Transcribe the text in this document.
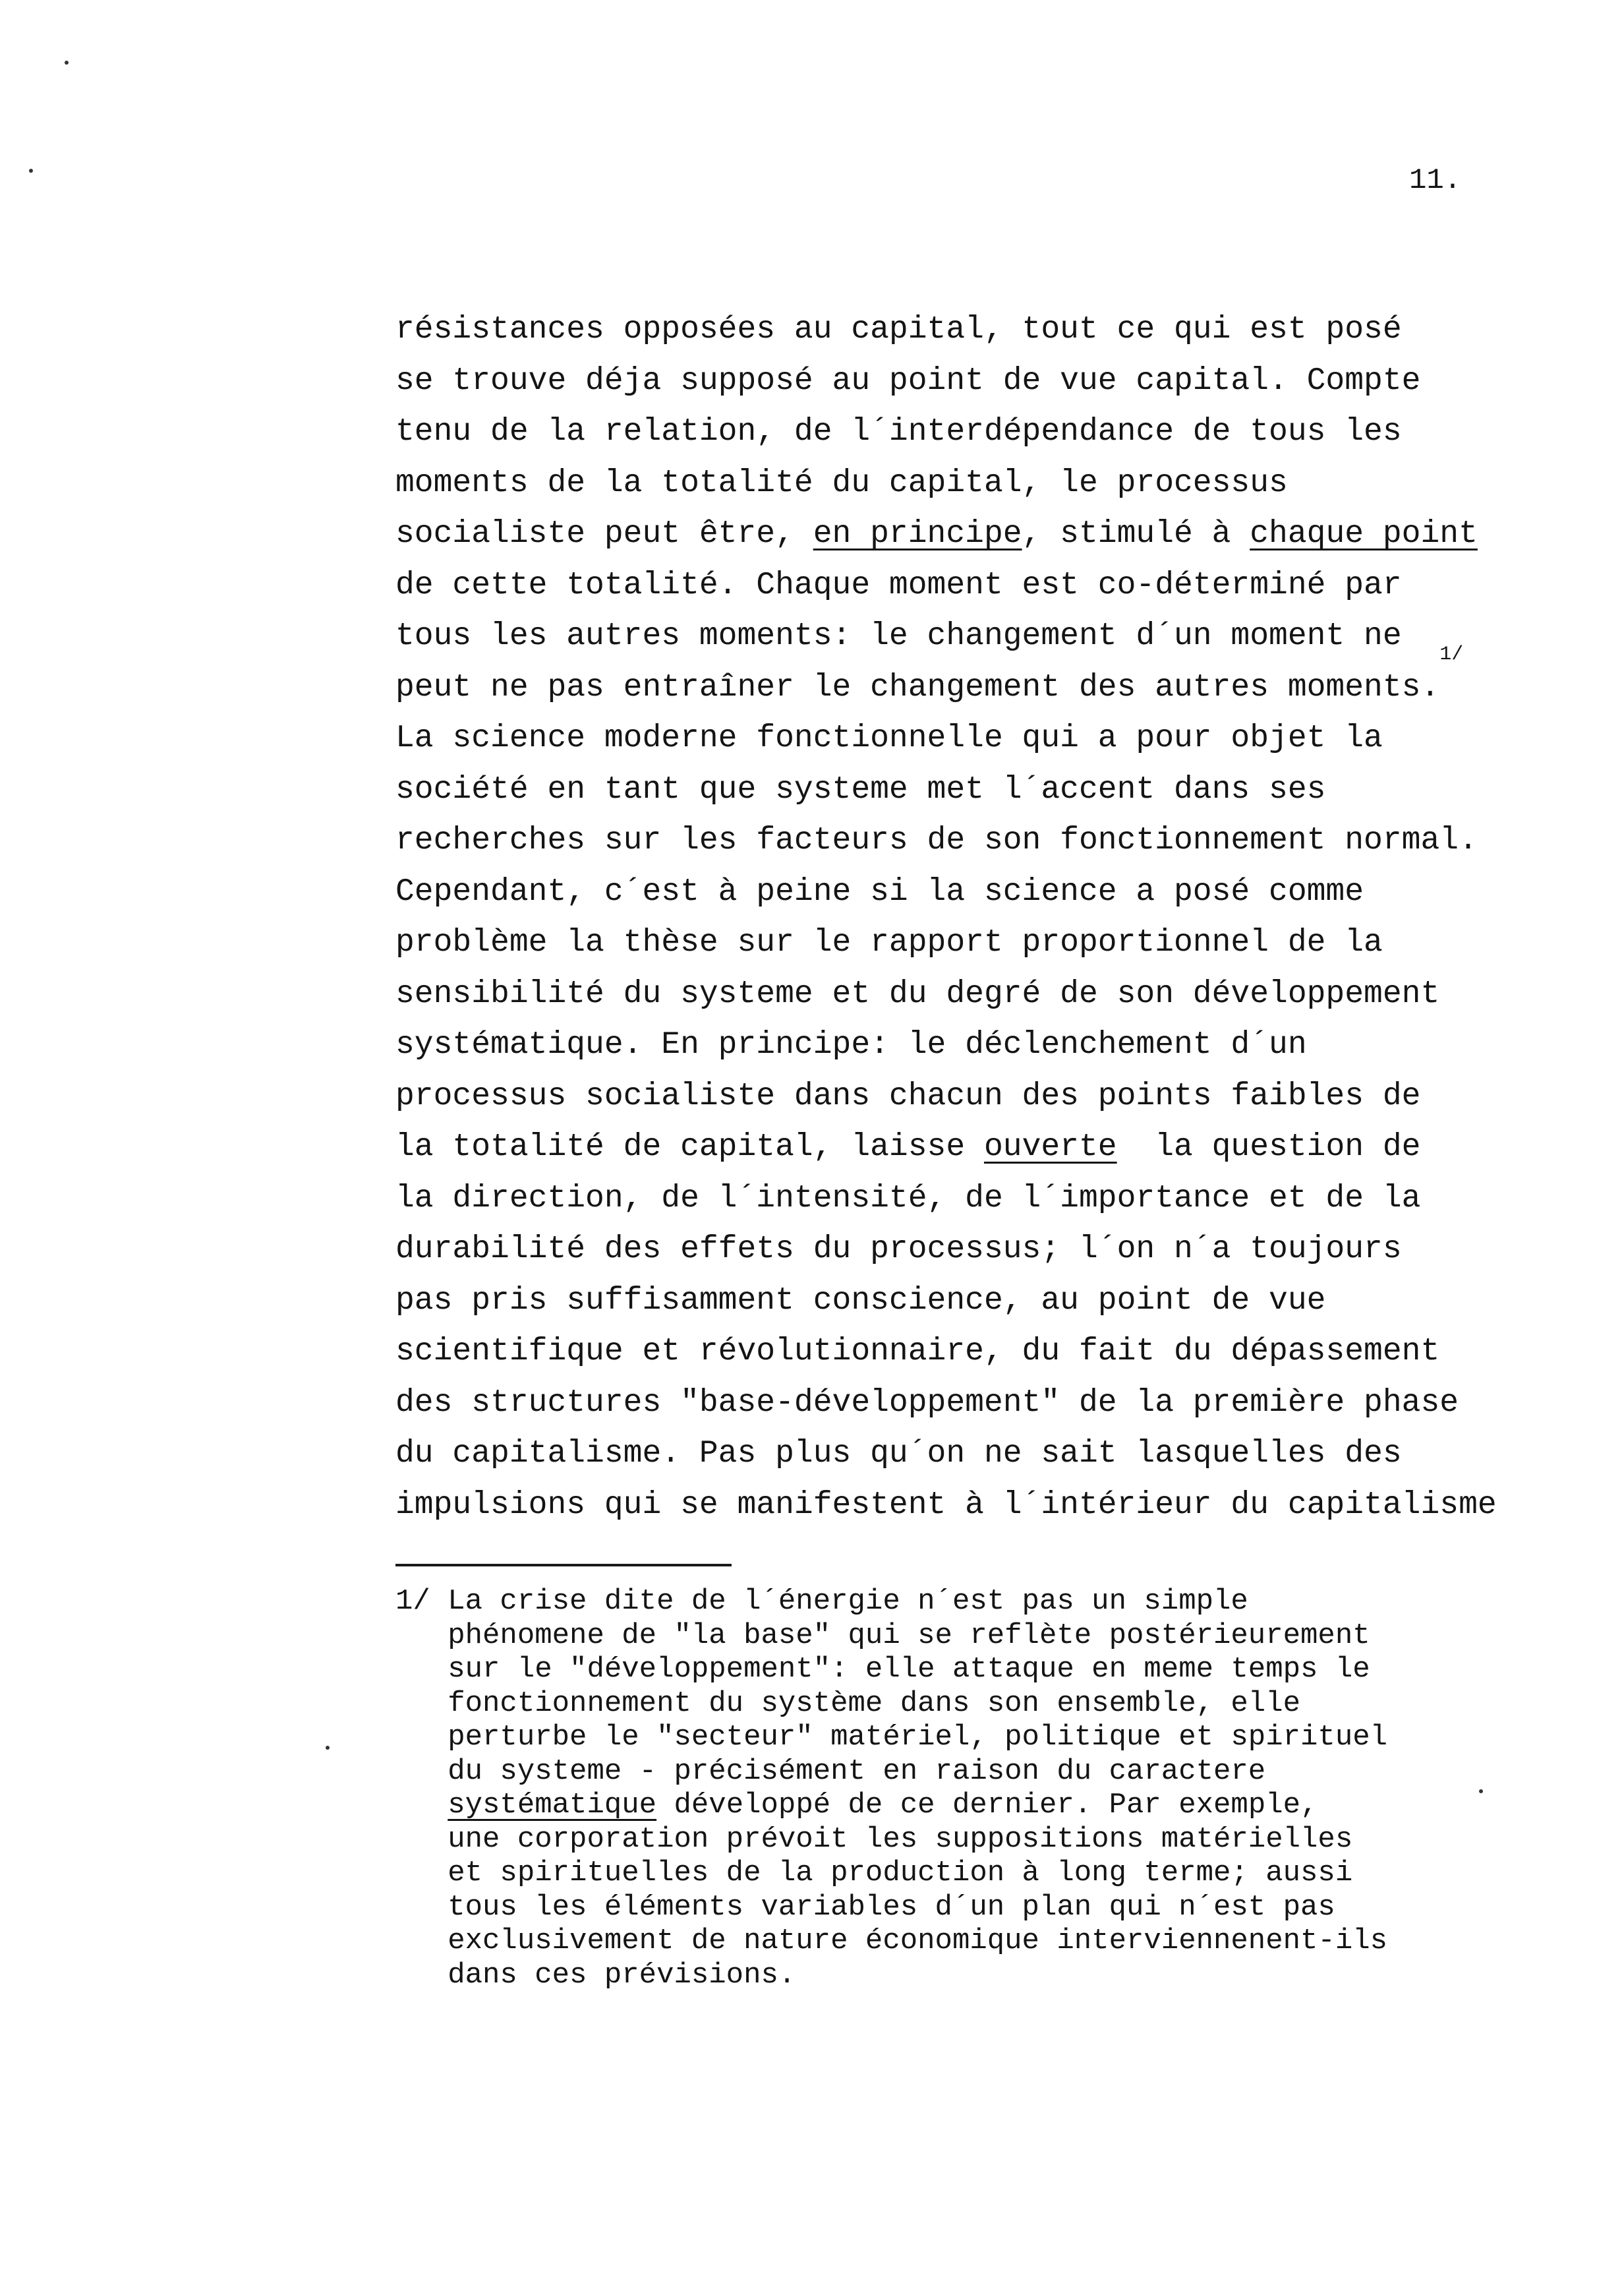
11.
résistances opposées au capital, tout ce qui est posé
se trouve déja supposé au point de vue capital. Compte
tenu de la relation, de l´interdépendance de tous les
moments de la totalité du capital, le processus
socialiste peut être, en principe, stimulé à chaque point
de cette totalité. Chaque moment est co-déterminé par
tous les autres moments: le changement d´un moment ne
peut ne pas entraîner le changement des autres moments.$^{1/}$
La science moderne fonctionnelle qui a pour objet la
société en tant que systeme met l´accent dans ses
recherches sur les facteurs de son fonctionnement normal.
Cependant, c´est à peine si la science a posé comme
problème la thèse sur le rapport proportionnel de la
sensibilité du systeme et du degré de son développement
systématique. En principe: le déclenchement d´un
processus socialiste dans chacun des points faibles de
la totalité de capital, laisse ouverte  la question de
la direction, de l´intensité, de l´importance et de la
durabilité des effets du processus; l´on n´a toujours
pas pris suffisamment conscience, au point de vue
scientifique et révolutionnaire, du fait du dépassement
des structures "base-développement" de la première phase
du capitalisme. Pas plus qu´on ne sait lasquelles des
impulsions qui se manifestent à l´intérieur du capitalisme
1/ La crise dite de l´énergie n´est pas un simple
phénomene de "la base" qui se reflète postérieurement
sur le "développement": elle attaque en meme temps le
fonctionnement du système dans son ensemble, elle
perturbe le "secteur" matériel, politique et spirituel
du systeme - précisément en raison du caractere
systématique développé de ce dernier. Par exemple,
une corporation prévoit les suppositions matérielles
et spirituelles de la production à long terme; aussi
tous les éléments variables d´un plan qui n´est pas
exclusivement de nature économique interviennenent-ils
dans ces prévisions.
